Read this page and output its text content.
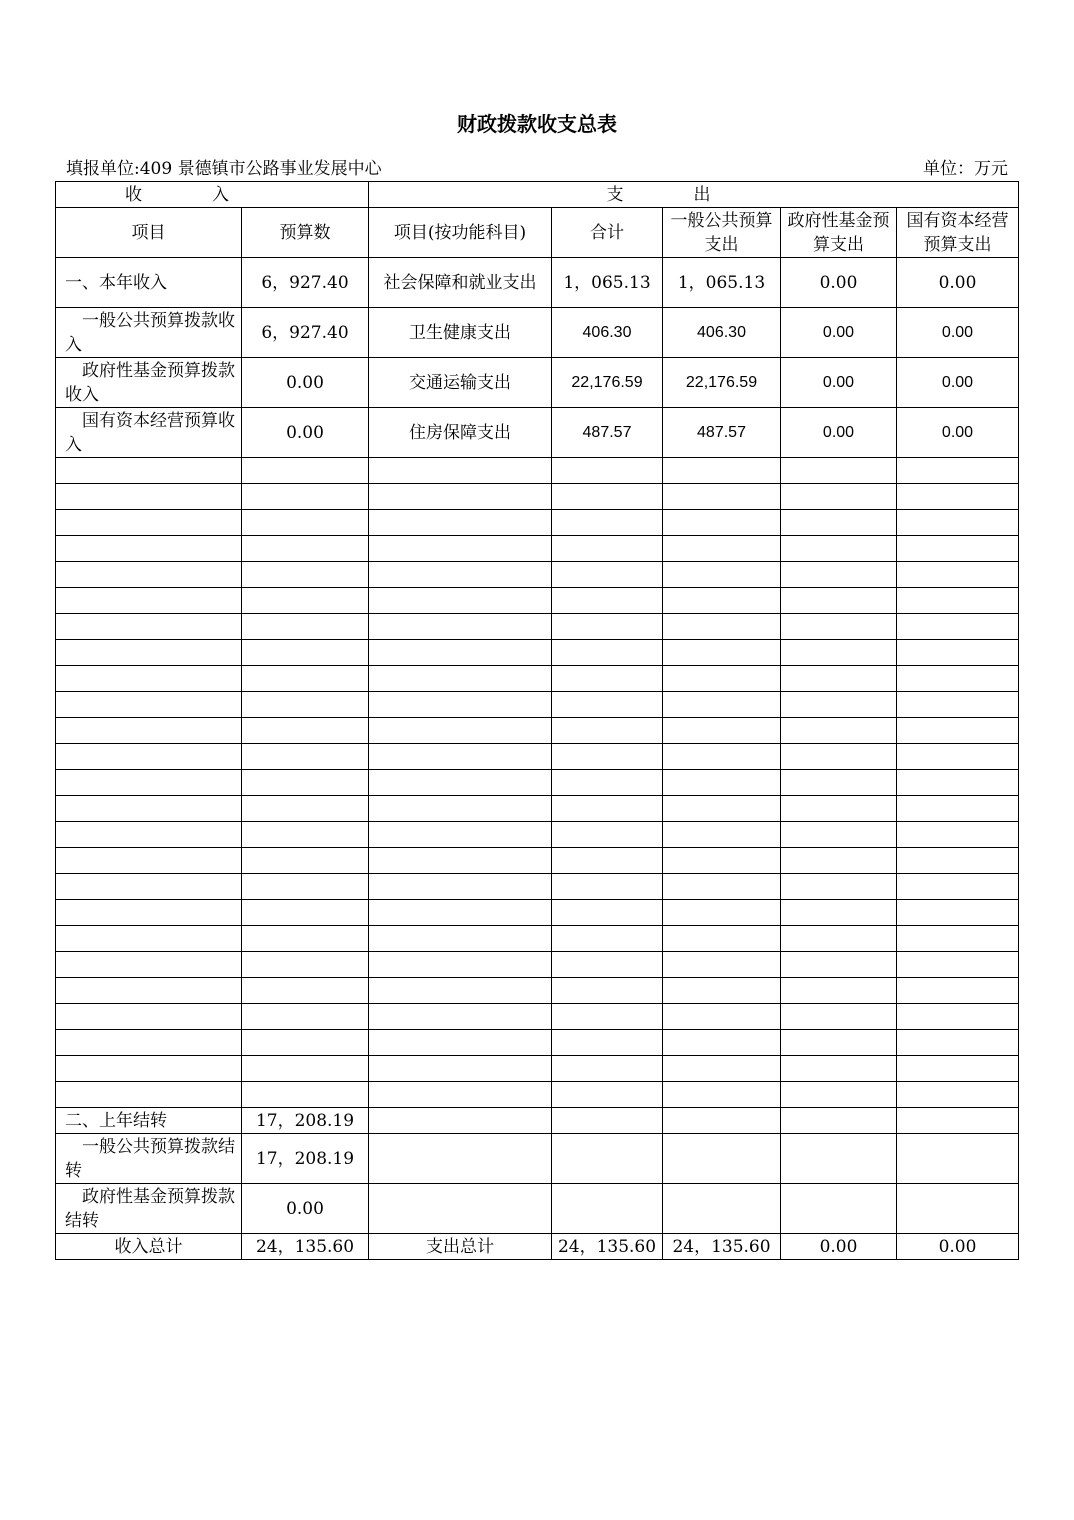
财政拨款收支总表
填报单位:409 景德镇市公路事业发展中心	单位：万元
收入		支出				
项目	预算数	项目(按功能科目)	合计	一般公共预算支出	政府性基金预算支出	国有资本经营预算支出
一、本年收入	6，927.40	社会保障和就业支出	1，065.13	1，065.13	0.00	0.00
一般公共预算拨款收入	6，927.40	卫生健康支出	406.30	406.30	0.00	0.00
政府性基金预算拨款收入	0.00	交通运输支出	22,176.59	22,176.59	0.00	0.00
国有资本经营预算收入	0.00	住房保障支出	487.57	487.57	0.00	0.00

二、上年结转	17，208.19					
一般公共预算拨款结转	17，208.19					
政府性基金预算拨款结转	0.00					
收入总计	24，135.60	支出总计	24，135.60	24，135.60	0.00	0.00
